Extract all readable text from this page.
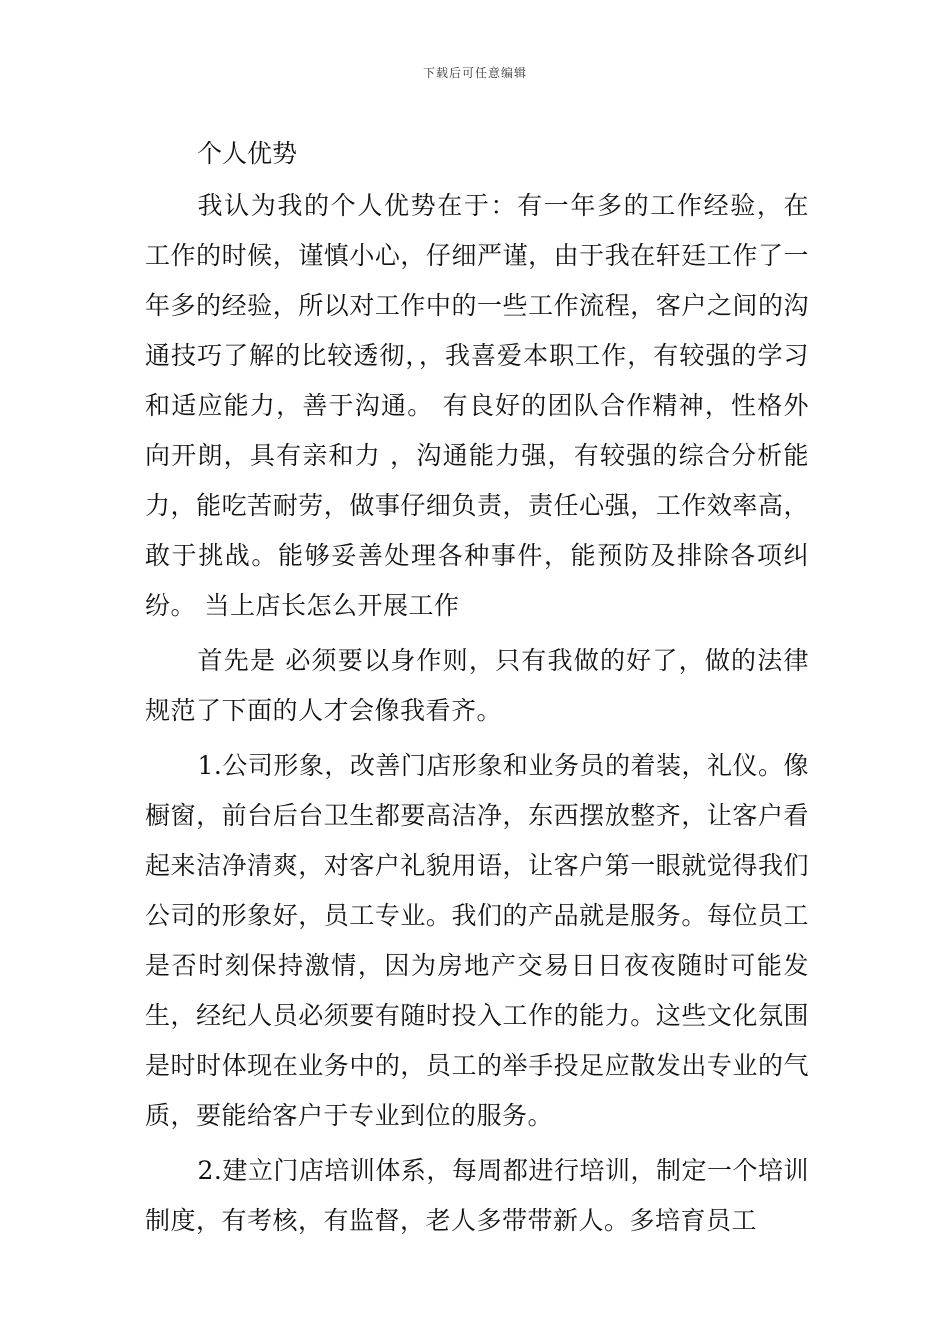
下载后可任意编辑
个人优势

我认为我的个人优势在于：有一年多的工作经验，在工作的时候，谨慎小心，仔细严谨，由于我在轩廷工作了一年多的经验，所以对工作中的一些工作流程，客户之间的沟通技巧了解的比较透彻，，我喜爱本职工作，有较强的学习和适应能力，善于沟通。 有良好的团队合作精神，性格外向开朗，具有亲和力 ，沟通能力强，有较强的综合分析能力，能吃苦耐劳，做事仔细负责，责任心强，工作效率高，敢于挑战。能够妥善处理各种事件，能预防及排除各项纠纷。 当上店长怎么开展工作

首先是 必须要以身作则，只有我做的好了，做的法律规范了下面的人才会像我看齐。

1.公司形象，改善门店形象和业务员的着装，礼仪。像橱窗，前台后台卫生都要高洁净，东西摆放整齐，让客户看起来洁净清爽，对客户礼貌用语，让客户第一眼就觉得我们公司的形象好，员工专业。我们的产品就是服务。每位员工是否时刻保持激情，因为房地产交易日日夜夜随时可能发生，经纪人员必须要有随时投入工作的能力。这些文化氛围是时时体现在业务中的，员工的举手投足应散发出专业的气质，要能给客户于专业到位的服务。

2.建立门店培训体系，每周都进行培训，制定一个培训制度，有考核，有监督，老人多带带新人。多培育员工
